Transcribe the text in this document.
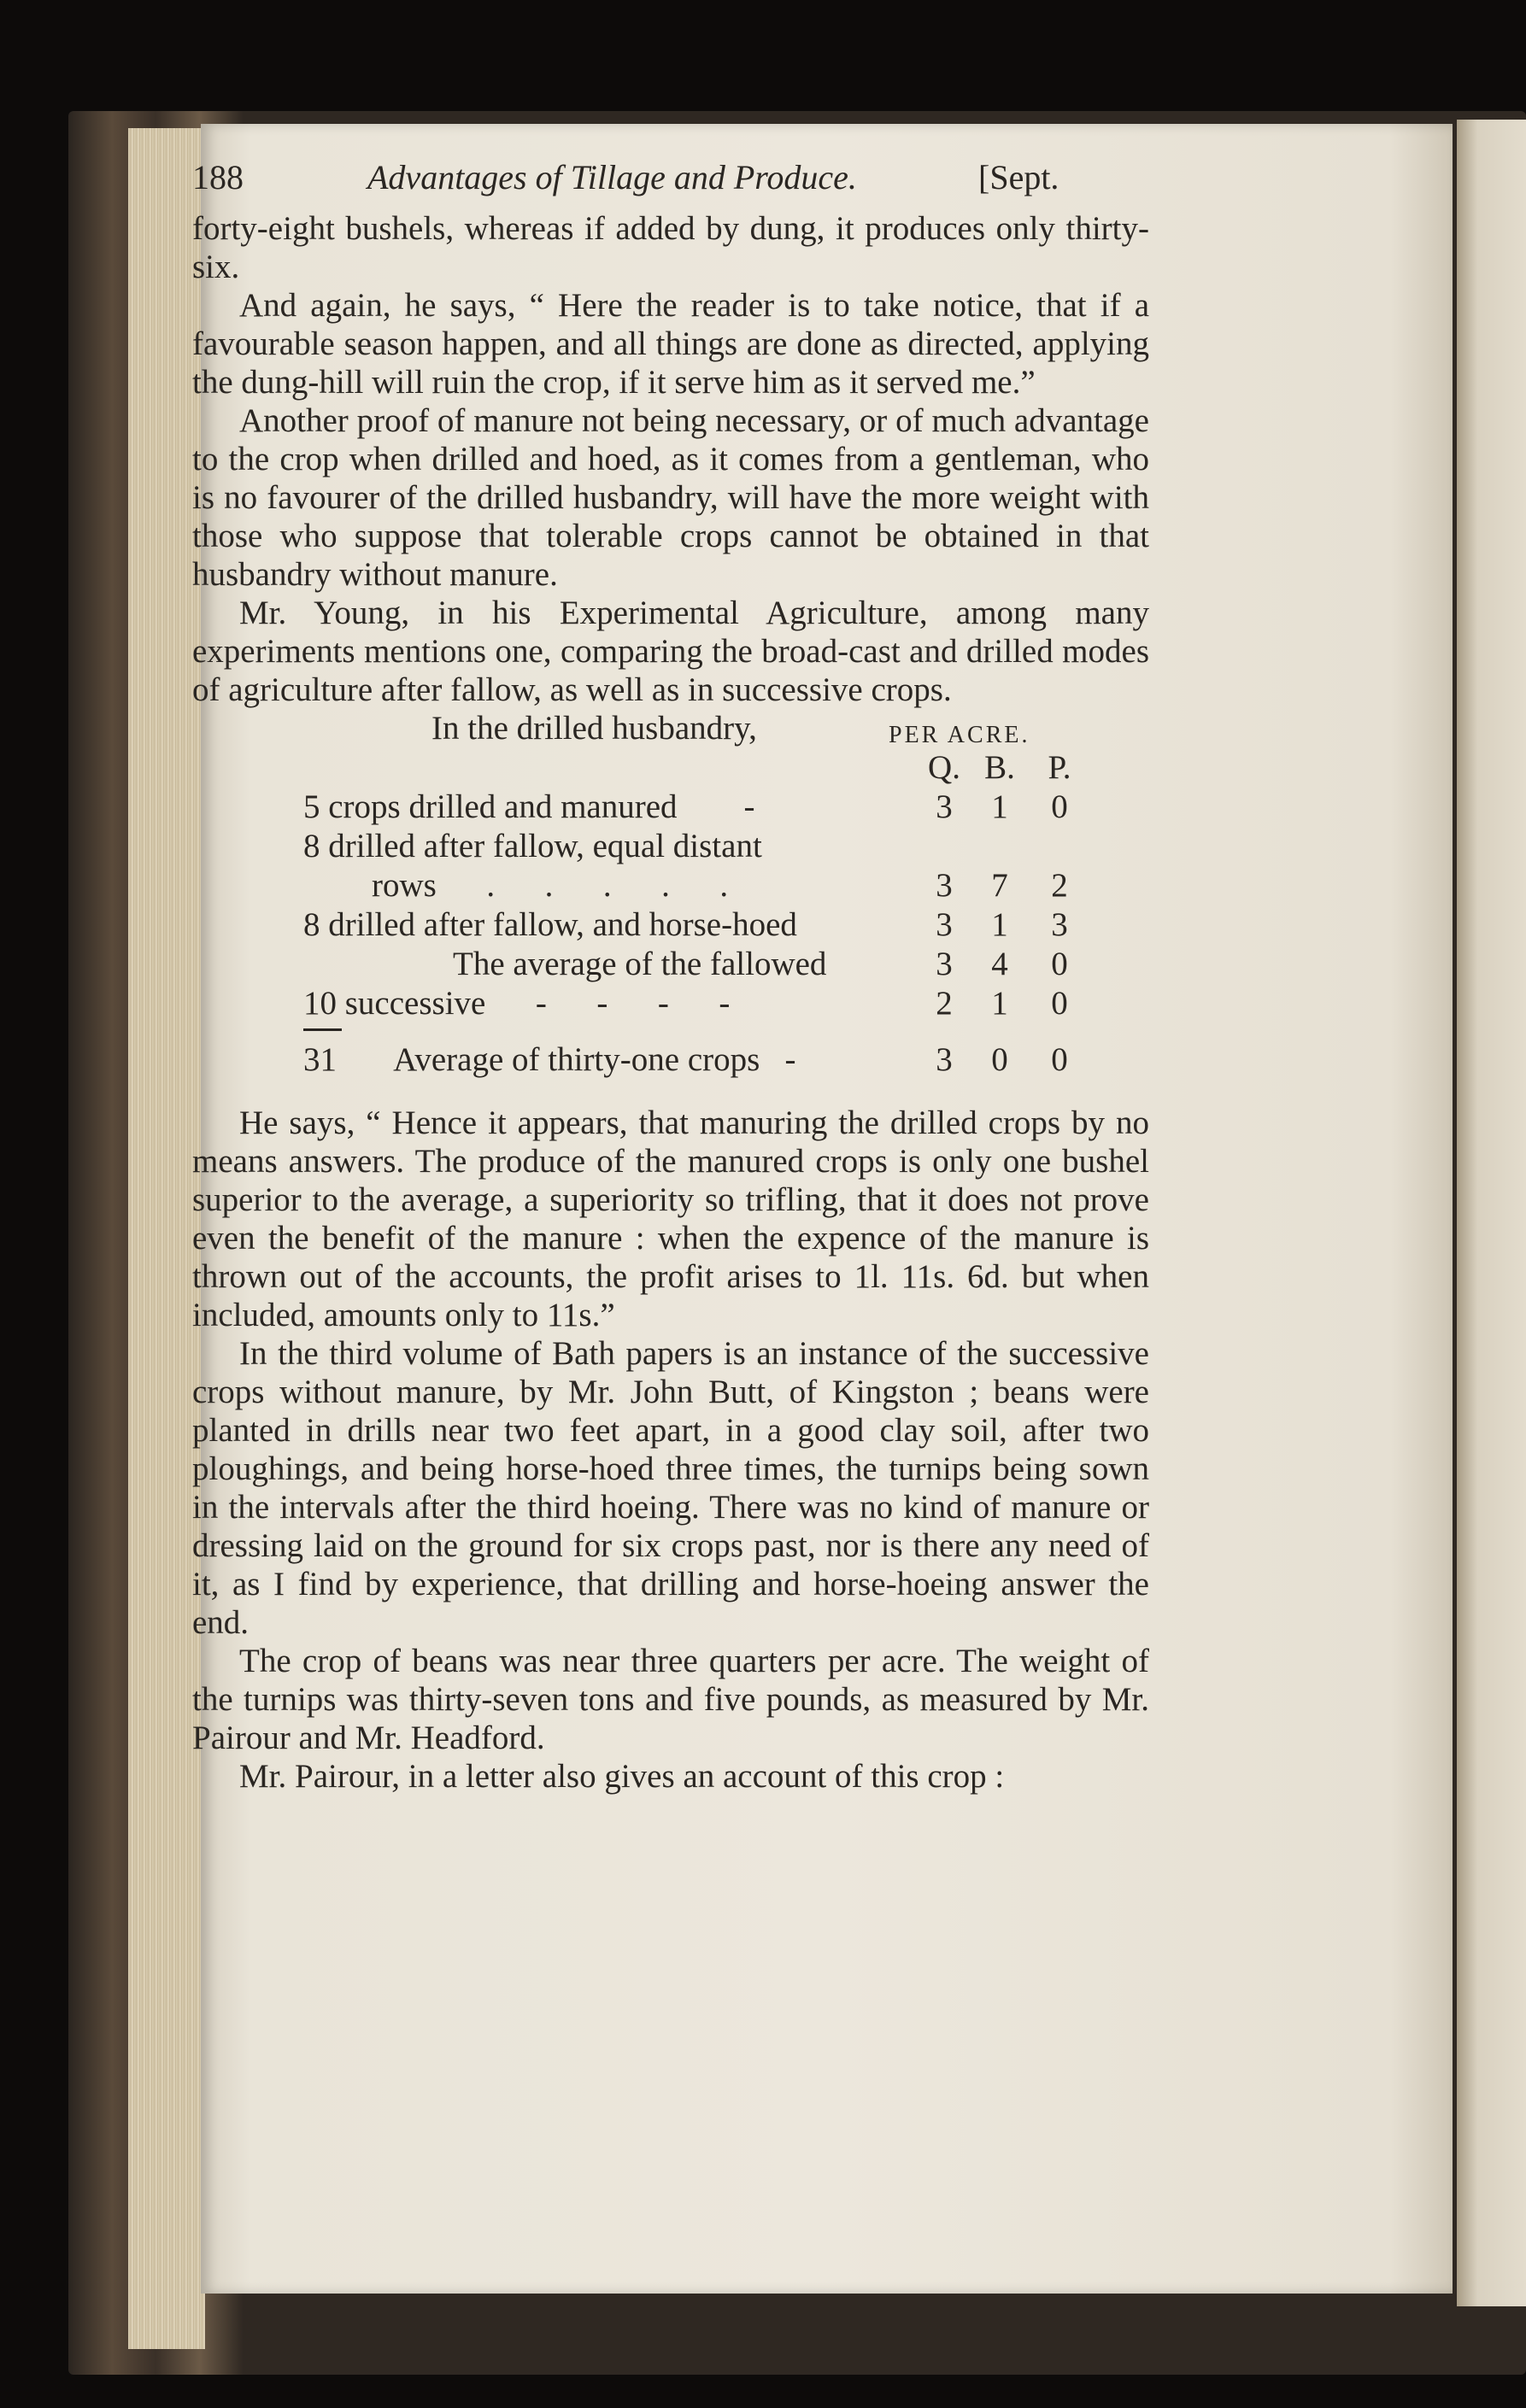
188	Advantages of Tillage and Produce.	[Sept.

forty-eight bushels, whereas if added by dung, it produces only thirty-six.

And again, he says, “ Here the reader is to take notice, that if a favourable season happen, and all things are done as directed, applying the dung-hill will ruin the crop, if it serve him as it served me.”

Another proof of manure not being necessary, or of much advantage to the crop when drilled and hoed, as it comes from a gentleman, who is no favourer of the drilled husbandry, will have the more weight with those who suppose that tolerable crops cannot be obtained in that husbandry without manure.

Mr. Young, in his Experimental Agriculture, among many experiments mentions one, comparing the broad-cast and drilled modes of agriculture after fallow, as well as in successive crops.

In the drilled husbandry,	PER ACRE.
Q. B. P.
5 crops drilled and manured        -	3	1	0
8 drilled after fallow, equal distant
rows      .      .      .      .      .	3	7	2
8 drilled after fallow, and horse-hoed	3	1	3
The average of the fallowed	3	4	0
10 successive      -      -      -      -	2	1	0
31       Average of thirty-one crops   -	3	0	0

He says, “ Hence it appears, that manuring the drilled crops by no means answers. The produce of the manured crops is only one bushel superior to the average, a superiority so trifling, that it does not prove even the benefit of the manure : when the expence of the manure is thrown out of the accounts, the profit arises to 1l. 11s. 6d. but when included, amounts only to 11s.”

In the third volume of Bath papers is an instance of the successive crops without manure, by Mr. John Butt, of Kingston ; beans were planted in drills near two feet apart, in a good clay soil, after two ploughings, and being horse-hoed three times, the turnips being sown in the intervals after the third hoeing. There was no kind of manure or dressing laid on the ground for six crops past, nor is there any need of it, as I find by experience, that drilling and horse-hoeing answer the end.

The crop of beans was near three quarters per acre. The weight of the turnips was thirty-seven tons and five pounds, as measured by Mr. Pairour and Mr. Headford.

Mr. Pairour, in a letter also gives an account of this crop :
